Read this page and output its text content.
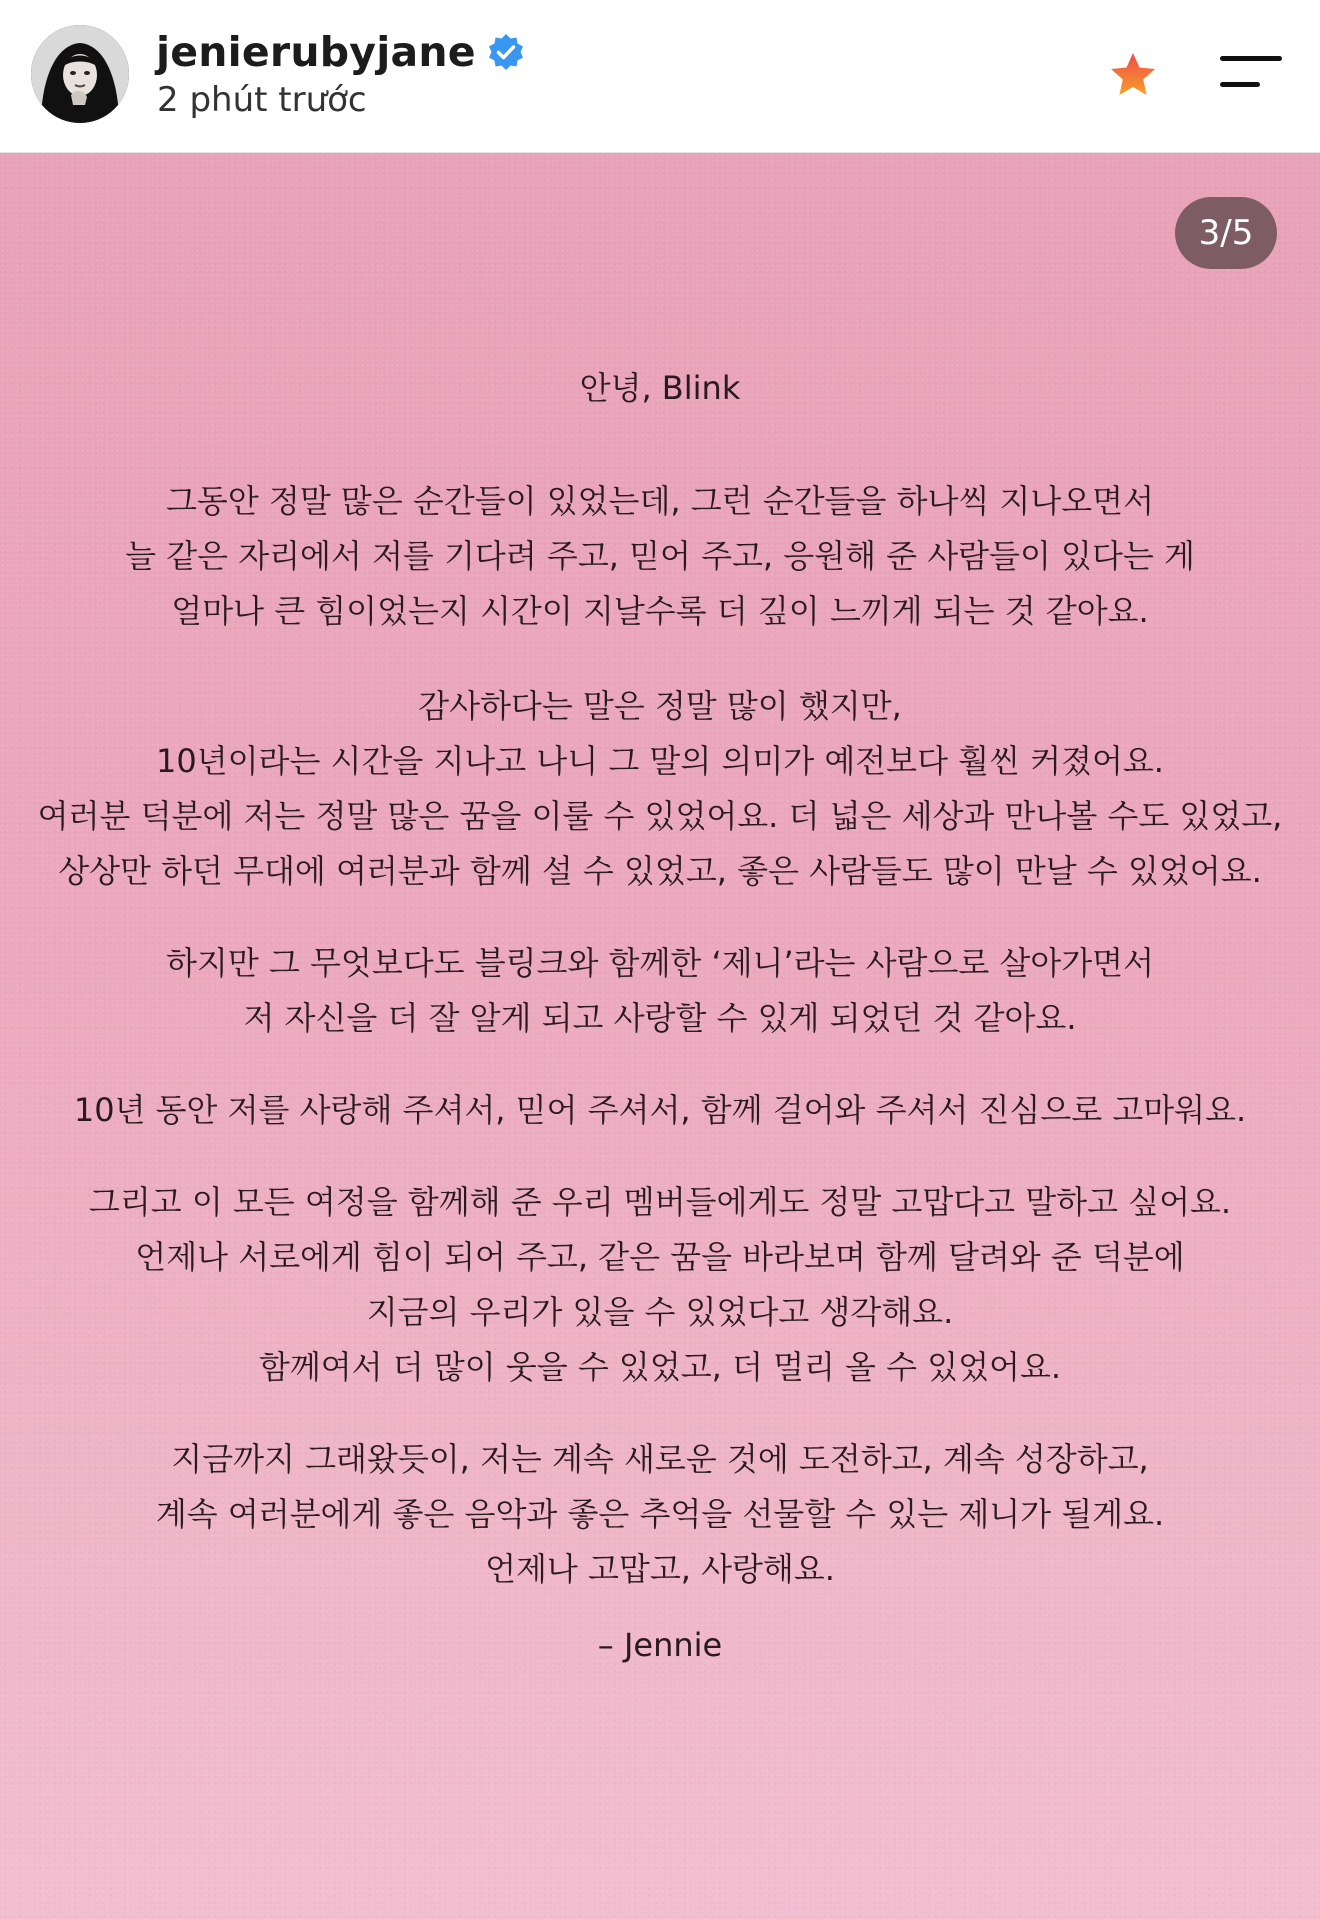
jenierubyjane
2 phút trước
3/5
안녕, Blink
그동안 정말 많은 순간들이 있었는데, 그런 순간들을 하나씩 지나오면서
늘 같은 자리에서 저를 기다려 주고, 믿어 주고, 응원해 준 사람들이 있다는 게
얼마나 큰 힘이었는지 시간이 지날수록 더 깊이 느끼게 되는 것 같아요.
감사하다는 말은 정말 많이 했지만,
10년이라는 시간을 지나고 나니 그 말의 의미가 예전보다 훨씬 커졌어요.
여러분 덕분에 저는 정말 많은 꿈을 이룰 수 있었어요. 더 넓은 세상과 만나볼 수도 있었고,
상상만 하던 무대에 여러분과 함께 설 수 있었고, 좋은 사람들도 많이 만날 수 있었어요.
하지만 그 무엇보다도 블링크와 함께한 ‘제니’라는 사람으로 살아가면서
저 자신을 더 잘 알게 되고 사랑할 수 있게 되었던 것 같아요.
10년 동안 저를 사랑해 주셔서, 믿어 주셔서, 함께 걸어와 주셔서 진심으로 고마워요.
그리고 이 모든 여정을 함께해 준 우리 멤버들에게도 정말 고맙다고 말하고 싶어요.
언제나 서로에게 힘이 되어 주고, 같은 꿈을 바라보며 함께 달려와 준 덕분에
지금의 우리가 있을 수 있었다고 생각해요.
함께여서 더 많이 웃을 수 있었고, 더 멀리 올 수 있었어요.
지금까지 그래왔듯이, 저는 계속 새로운 것에 도전하고, 계속 성장하고,
계속 여러분에게 좋은 음악과 좋은 추억을 선물할 수 있는 제니가 될게요.
언제나 고맙고, 사랑해요.
– Jennie
